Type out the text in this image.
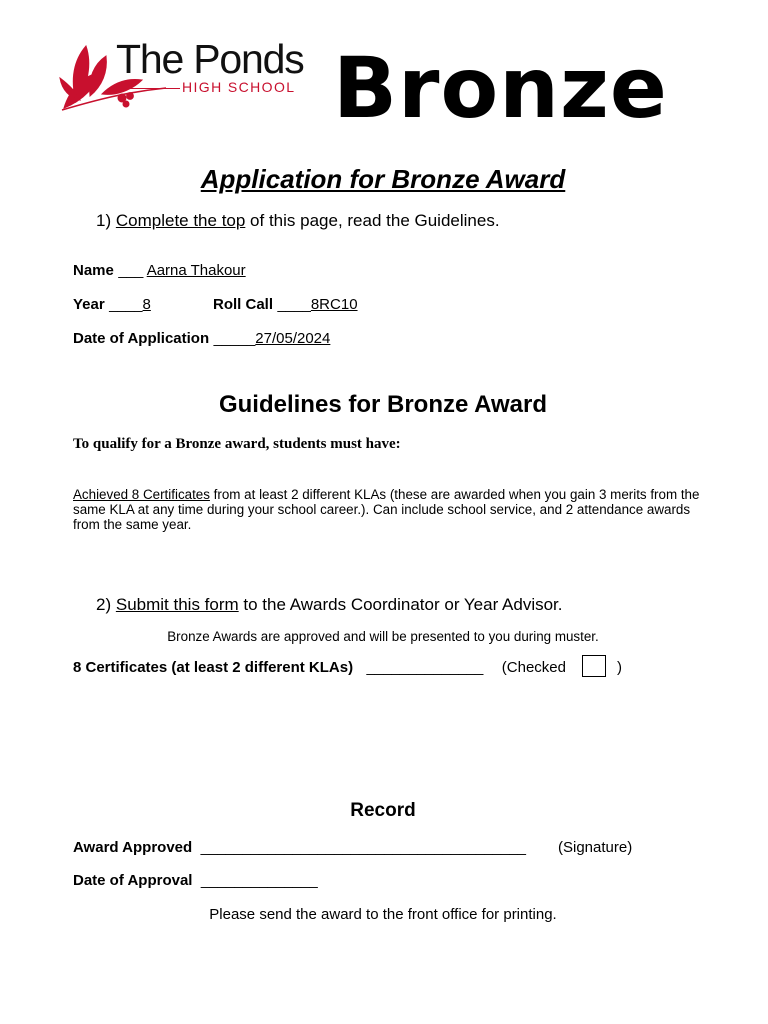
The Ponds
HIGH SCHOOL Bronze
Application for Bronze Award
1) Complete the top of this page, read the Guidelines.
Name ___ Aarna Thakour
Year ____8	Roll Call ____8RC10
Date of Application _____27/05/2024
Guidelines for Bronze Award
To qualify for a Bronze award, students must have:
Achieved 8 Certificates from at least 2 different KLAs (these are awarded when you gain 3 merits from the same KLA at any time during your school career.). Can include school service, and 2 attendance awards from the same year.
2) Submit this form to the Awards Coordinator or Year Advisor.
Bronze Awards are approved and will be presented to you during muster.
8 Certificates (at least 2 different KLAs) ______________ (Checked	)
Record
Award Approved _______________________________________ (Signature)
Date of Approval ______________
Please send the award to the front office for printing.
